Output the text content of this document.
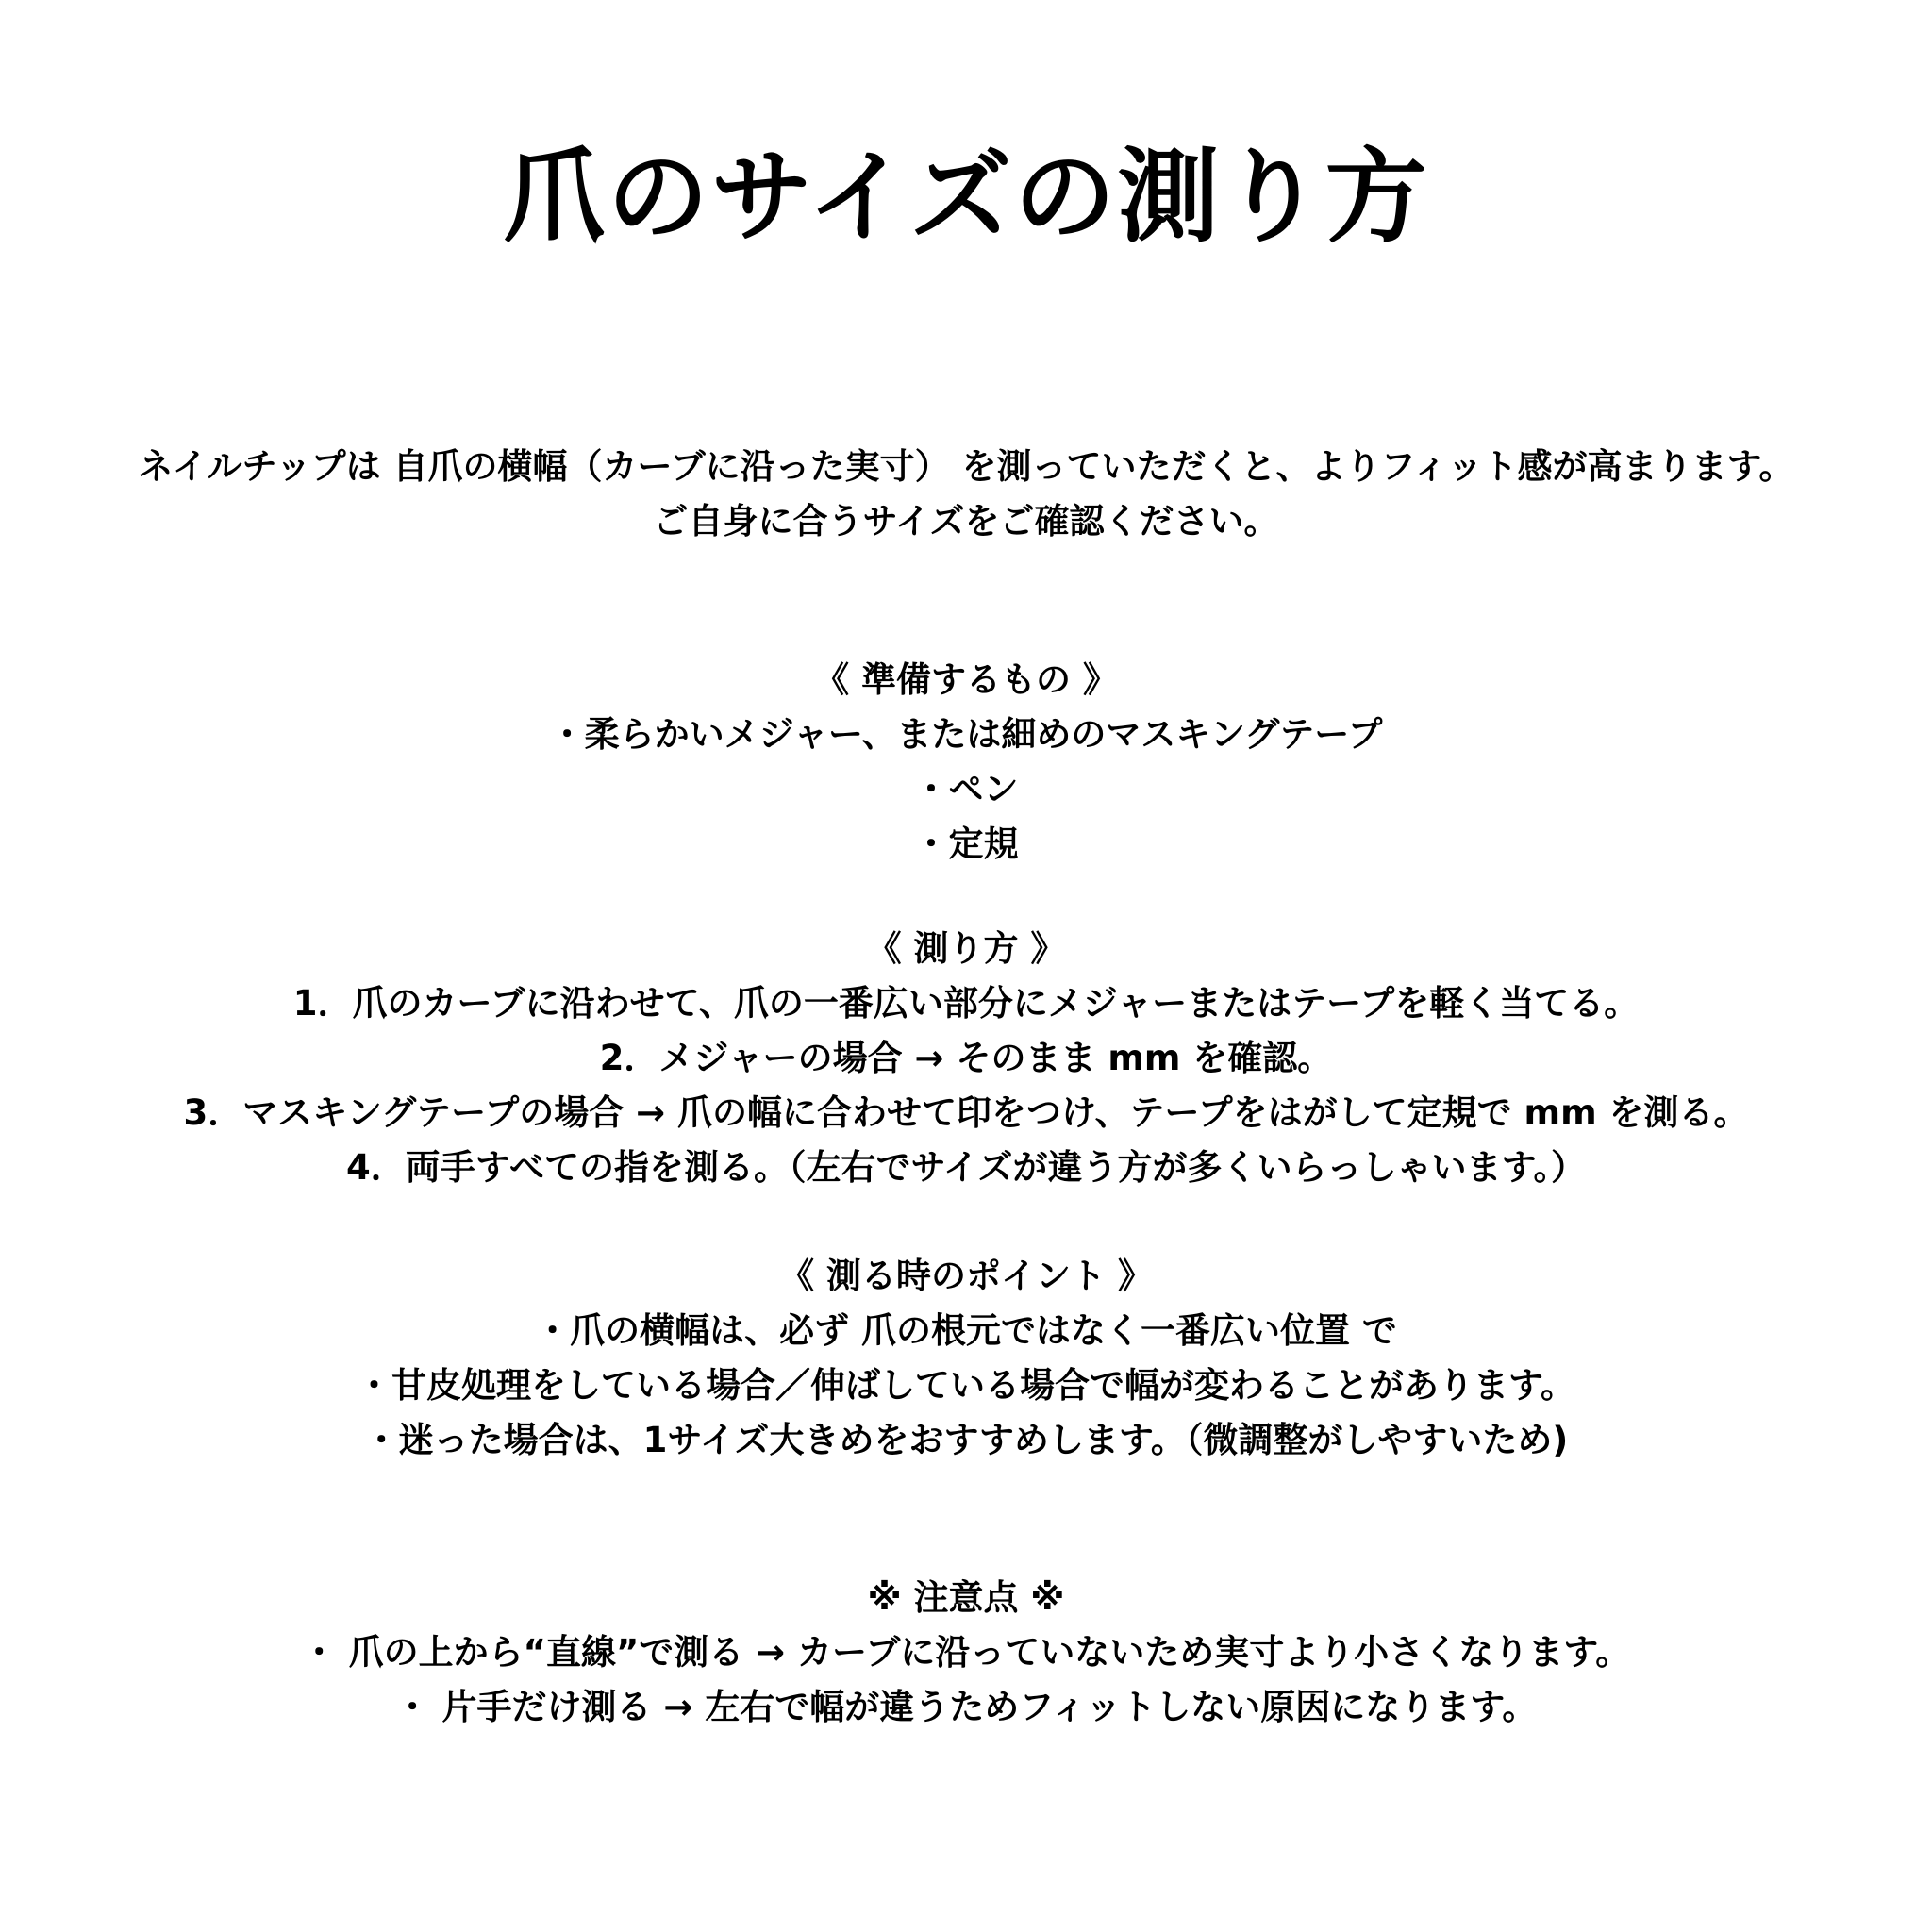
爪のサイズの測り方
ネイルチップは 自爪の横幅（カーブに沿った実寸） を測っていただくと、よりフィット感が高まります。
ご自身に合うサイズをご確認ください。
《 準備するもの 》
・柔らかいメジャー、または細めのマスキングテープ
・ペン
・定規
《 測り方 》
1．爪のカーブに沿わせて、爪の一番広い部分にメジャーまたはテープを軽く当てる。
2．メジャーの場合 → そのまま mm を確認。
3．マスキングテープの場合 → 爪の幅に合わせて印をつけ、テープをはがして定規で mm を測る。
4．両手すべての指を測る。（左右でサイズが違う方が多くいらっしゃいます。）
《 測る時のポイント 》
・爪の横幅は、必ず 爪の根元ではなく一番広い位置 で
・甘皮処理をしている場合／伸ばしている場合で幅が変わることがあります。
・迷った場合は、1サイズ大きめをおすすめします。（微調整がしやすいため)
※ 注意点 ※
・ 爪の上から“直線”で測る → カーブに沿っていないため実寸より小さくなります。
・ 片手だけ測る → 左右で幅が違うためフィットしない原因になります。
